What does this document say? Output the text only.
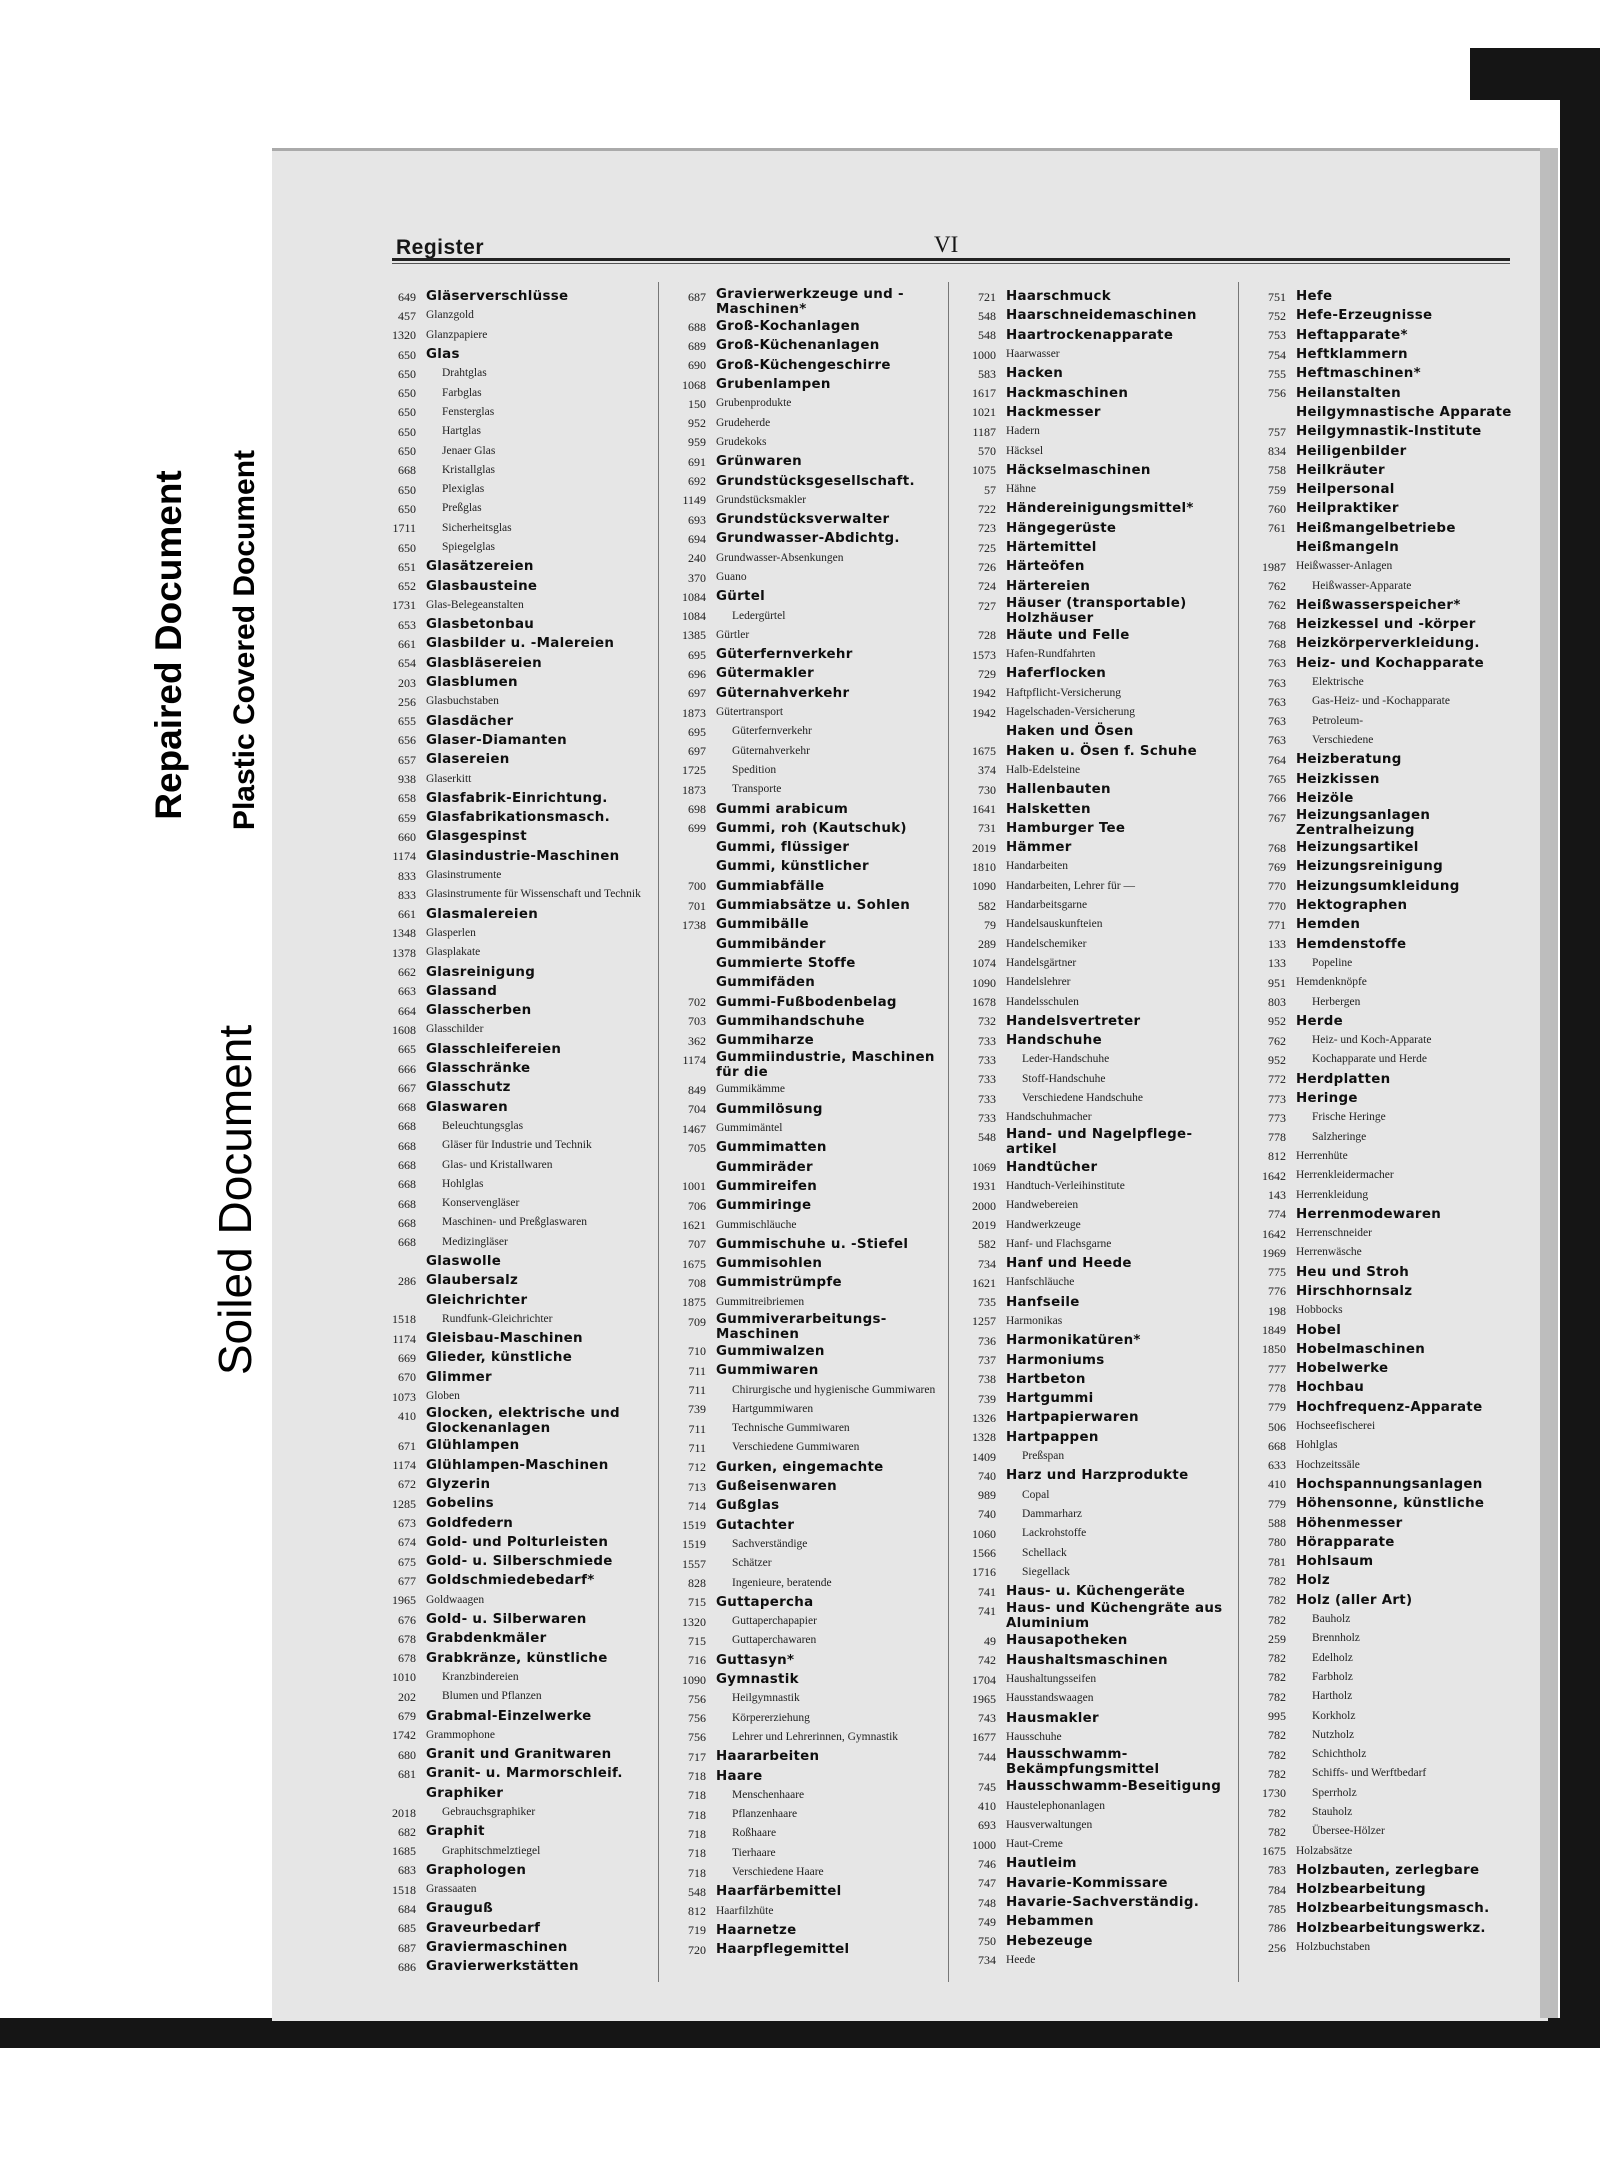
Repaired Document Plastic Covered Document
Soiled Document
Register	VI
649 Gläserverschlüsse
457 Glanzgold
1320 Glanzpapiere
650 Glas
650 Drahtglas
650 Farbglas
650 Fensterglas
650 Hartglas
650 Jenaer Glas
668 Kristallglas
650 Plexiglas
650 Preßglas
1711 Sicherheitsglas
650 Spiegelglas
651 Glasätzereien
652 Glasbausteine
1731 Glas-Belegeanstalten
653 Glasbetonbau
661 Glasbilder u. -Malereien
654 Glasbläsereien
203 Glasblumen
256 Glasbuchstaben
655 Glasdächer
656 Glaser-Diamanten
657 Glasereien
938 Glaserkitt
658 Glasfabrik-Einrichtung.
659 Glasfabrikationsmasch.
660 Glasgespinst
1174 Glasindustrie-Maschinen
833 Glasinstrumente
833 Glasinstrumente für Wissenschaft und Technik
661 Glasmalereien
1348 Glasperlen
1378 Glasplakate
662 Glasreinigung
663 Glassand
664 Glasscherben
1608 Glasschilder
665 Glasschleifereien
666 Glasschränke
667 Glasschutz
668 Glaswaren
668 Beleuchtungsglas
668 Gläser für Industrie und Technik
668 Glas- und Kristallwaren
668 Hohlglas
668 Konservengläser
668 Maschinen- und Preßglaswaren
668 Medizingläser
Glaswolle
286 Glaubersalz
Gleichrichter
1518 Rundfunk-Gleichrichter
1174 Gleisbau-Maschinen
669 Glieder, künstliche
670 Glimmer
1073 Globen
410 Glocken, elektrische und Glockenanlagen
671 Glühlampen
1174 Glühlampen-Maschinen
672 Glyzerin
1285 Gobelins
673 Goldfedern
674 Gold- und Polturleisten
675 Gold- u. Silberschmiede
677 Goldschmiedebedarf*
1965 Goldwaagen
676 Gold- u. Silberwaren
678 Grabdenkmäler
678 Grabkränze, künstliche
1010 Kranzbindereien
202 Blumen und Pflanzen
679 Grabmal-Einzelwerke
1742 Grammophone
680 Granit und Granitwaren
681 Granit- u. Marmorschleif.
Graphiker
2018 Gebrauchsgraphiker
682 Graphit
1685 Graphitschmelztiegel
683 Graphologen
1518 Grassaaten
684 Grauguß
685 Graveurbedarf
687 Graviermaschinen
686 Gravierwerkstätten
687 Gravierwerkzeuge und -Maschinen*
688 Groß-Kochanlagen
689 Groß-Küchenanlagen
690 Groß-Küchengeschirre
1068 Grubenlampen
150 Grubenprodukte
952 Grudeherde
959 Grudekoks
691 Grünwaren
692 Grundstücksgesellschaft.
1149 Grundstücksmakler
693 Grundstücksverwalter
694 Grundwasser-Abdichtg.
240 Grundwasser-Absenkungen
370 Guano
1084 Gürtel
1084 Ledergürtel
1385 Gürtler
695 Güterfernverkehr
696 Gütermakler
697 Güternahverkehr
1873 Gütertransport
695 Güterfernverkehr
697 Güternahverkehr
1725 Spedition
1873 Transporte
698 Gummi arabicum
699 Gummi, roh (Kautschuk)
Gummi, flüssiger
Gummi, künstlicher
700 Gummiabfälle
701 Gummiabsätze u. Sohlen
1738 Gummibälle
Gummibänder
Gummierte Stoffe
Gummifäden
702 Gummi-Fußbodenbelag
703 Gummihandschuhe
362 Gummiharze
1174 Gummiindustrie, Maschinen für die
849 Gummikämme
704 Gummilösung
1467 Gummimäntel
705 Gummimatten
Gummiräder
1001 Gummireifen
706 Gummiringe
1621 Gummischläuche
707 Gummischuhe u. -Stiefel
1675 Gummisohlen
708 Gummistrümpfe
1875 Gummitreibriemen
709 Gummiverarbeitungs-Maschinen
710 Gummiwalzen
711 Gummiwaren
711 Chirurgische und hygienische Gummiwaren
739 Hartgummiwaren
711 Technische Gummiwaren
711 Verschiedene Gummiwaren
712 Gurken, eingemachte
713 Gußeisenwaren
714 Gußglas
1519 Gutachter
1519 Sachverständige
1557 Schätzer
828 Ingenieure, beratende
715 Guttapercha
1320 Guttaperchapapier
715 Guttaperchawaren
716 Guttasyn*
1090 Gymnastik
756 Heilgymnastik
756 Körpererziehung
756 Lehrer und Lehrerinnen, Gymnastik
717 Haararbeiten
718 Haare
718 Menschenhaare
718 Pflanzenhaare
718 Roßhaare
718 Tierhaare
718 Verschiedene Haare
548 Haarfärbemittel
812 Haarfilzhüte
719 Haarnetze
720 Haarpflegemittel
721 Haarschmuck
548 Haarschneidemaschinen
548 Haartrockenapparate
1000 Haarwasser
583 Hacken
1617 Hackmaschinen
1021 Hackmesser
1187 Hadern
570 Häcksel
1075 Häckselmaschinen
57 Hähne
722 Händereinigungsmittel*
723 Hängegerüste
725 Härtemittel
726 Härteöfen
724 Härtereien
727 Häuser (transportable) Holzhäuser
728 Häute und Felle
1573 Hafen-Rundfahrten
729 Haferflocken
1942 Haftpflicht-Versicherung
1942 Hagelschaden-Versicherung
Haken und Ösen
1675 Haken u. Ösen f. Schuhe
374 Halb-Edelsteine
730 Hallenbauten
1641 Halsketten
731 Hamburger Tee
2019 Hämmer
1810 Handarbeiten
1090 Handarbeiten, Lehrer für —
582 Handarbeitsgarne
79 Handelsauskunfteien
289 Handelschemiker
1074 Handelsgärtner
1090 Handelslehrer
1678 Handelsschulen
732 Handelsvertreter
733 Handschuhe
733 Leder-Handschuhe
733 Stoff-Handschuhe
733 Verschiedene Handschuhe
733 Handschuhmacher
548 Hand- und Nagelpflege-artikel
1069 Handtücher
1931 Handtuch-Verleihinstitute
2000 Handwebereien
2019 Handwerkzeuge
582 Hanf- und Flachsgarne
734 Hanf und Heede
1621 Hanfschläuche
735 Hanfseile
1257 Harmonikas
736 Harmonikatüren*
737 Harmoniums
738 Hartbeton
739 Hartgummi
1326 Hartpapierwaren
1328 Hartpappen
1409 Preßspan
740 Harz und Harzprodukte
989 Copal
740 Dammarharz
1060 Lackrohstoffe
1566 Schellack
1716 Siegellack
741 Haus- u. Küchengeräte
741 Haus- und Küchengräte aus Aluminium
49 Hausapotheken
742 Haushaltsmaschinen
1704 Haushaltungsseifen
1965 Hausstandswaagen
743 Hausmakler
1677 Hausschuhe
744 Hausschwamm-Bekämpfungsmittel
745 Hausschwamm-Beseitigung
410 Haustelephonanlagen
693 Hausverwaltungen
1000 Haut-Creme
746 Hautleim
747 Havarie-Kommissare
748 Havarie-Sachverständig.
749 Hebammen
750 Hebezeuge
734 Heede
751 Hefe
752 Hefe-Erzeugnisse
753 Heftapparate*
754 Heftklammern
755 Heftmaschinen*
756 Heilanstalten
Heilgymnastische Apparate
757 Heilgymnastik-Institute
834 Heiligenbilder
758 Heilkräuter
759 Heilpersonal
760 Heilpraktiker
761 Heißmangelbetriebe
Heißmangeln
1987 Heißwasser-Anlagen
762 Heißwasser-Apparate
762 Heißwasserspeicher*
768 Heizkessel und -körper
768 Heizkörperverkleidung.
763 Heiz- und Kochapparate
763 Elektrische
763 Gas-Heiz- und -Kochapparate
763 Petroleum-
763 Verschiedene
764 Heizberatung
765 Heizkissen
766 Heizöle
767 Heizungsanlagen Zentralheizung
768 Heizungsartikel
769 Heizungsreinigung
770 Heizungsumkleidung
770 Hektographen
771 Hemden
133 Hemdenstoffe
133 Popeline
951 Hemdenknöpfe
803 Herbergen
952 Herde
762 Heiz- und Koch-Apparate
952 Kochapparate und Herde
772 Herdplatten
773 Heringe
773 Frische Heringe
778 Salzheringe
812 Herrenhüte
1642 Herrenkleidermacher
143 Herrenkleidung
774 Herrenmodewaren
1642 Herrenschneider
1969 Herrenwäsche
775 Heu und Stroh
776 Hirschhornsalz
198 Hobbocks
1849 Hobel
1850 Hobelmaschinen
777 Hobelwerke
778 Hochbau
779 Hochfrequenz-Apparate
506 Hochseefischerei
668 Hohlglas
633 Hochzeitssäle
410 Hochspannungsanlagen
779 Höhensonne, künstliche
588 Höhenmesser
780 Hörapparate
781 Hohlsaum
782 Holz
782 Holz (aller Art)
782 Bauholz
259 Brennholz
782 Edelholz
782 Farbholz
782 Hartholz
995 Korkholz
782 Nutzholz
782 Schichtholz
782 Schiffs- und Werftbedarf
1730 Sperrholz
782 Stauholz
782 Übersee-Hölzer
1675 Holzabsätze
783 Holzbauten, zerlegbare
784 Holzbearbeitung
785 Holzbearbeitungsmasch.
786 Holzbearbeitungswerkz.
256 Holzbuchstaben
